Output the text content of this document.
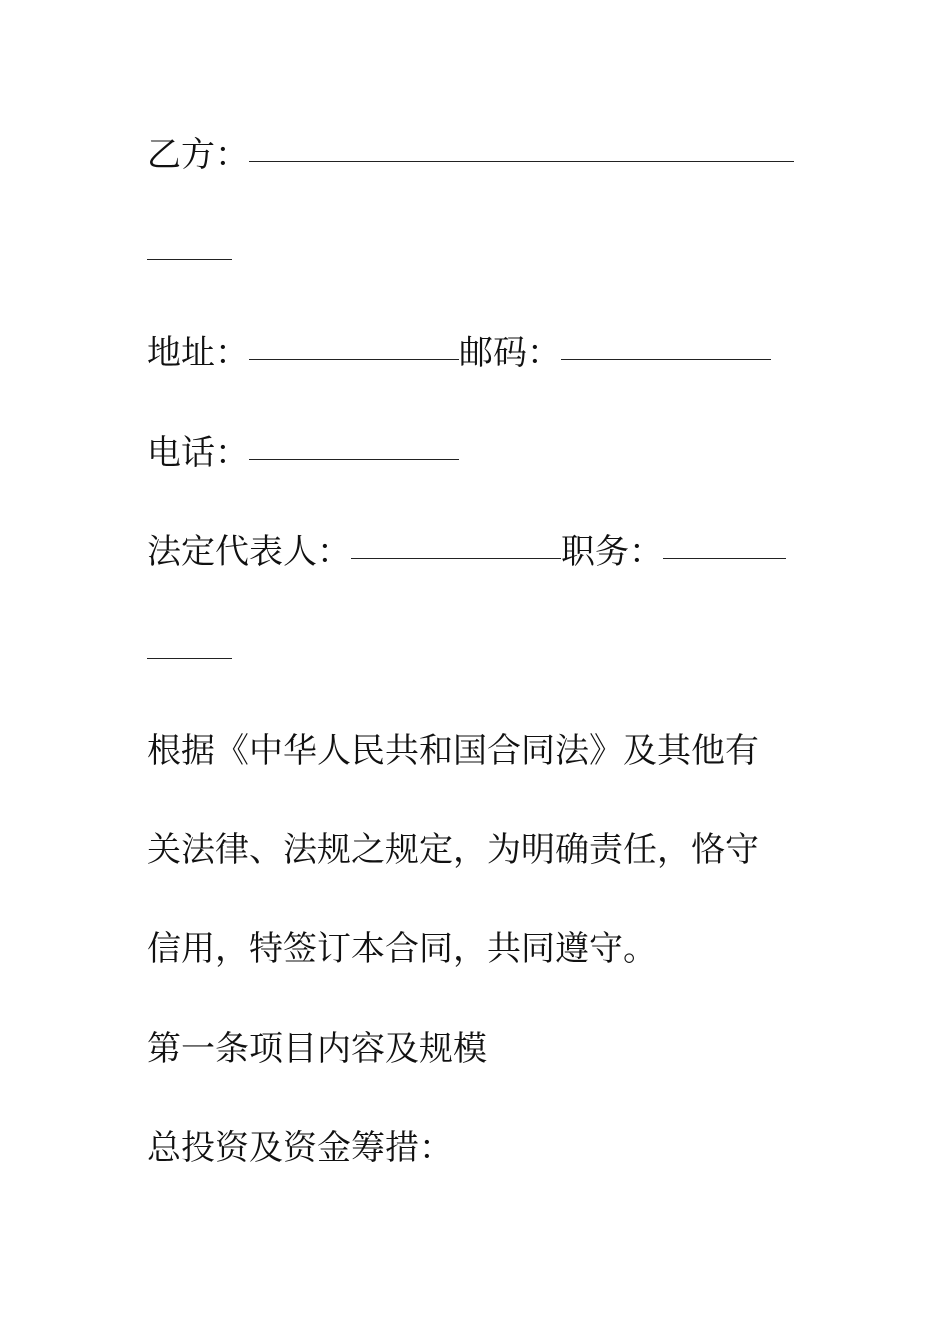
乙方：
地址：	邮码：
电话：
法定代表人：	职务：
根据《中华人民共和国合同法》及其他有
关法律、法规之规定，为明确责任，恪守
信用，特签订本合同，共同遵守。
第一条项目内容及规模
总投资及资金筹措：
